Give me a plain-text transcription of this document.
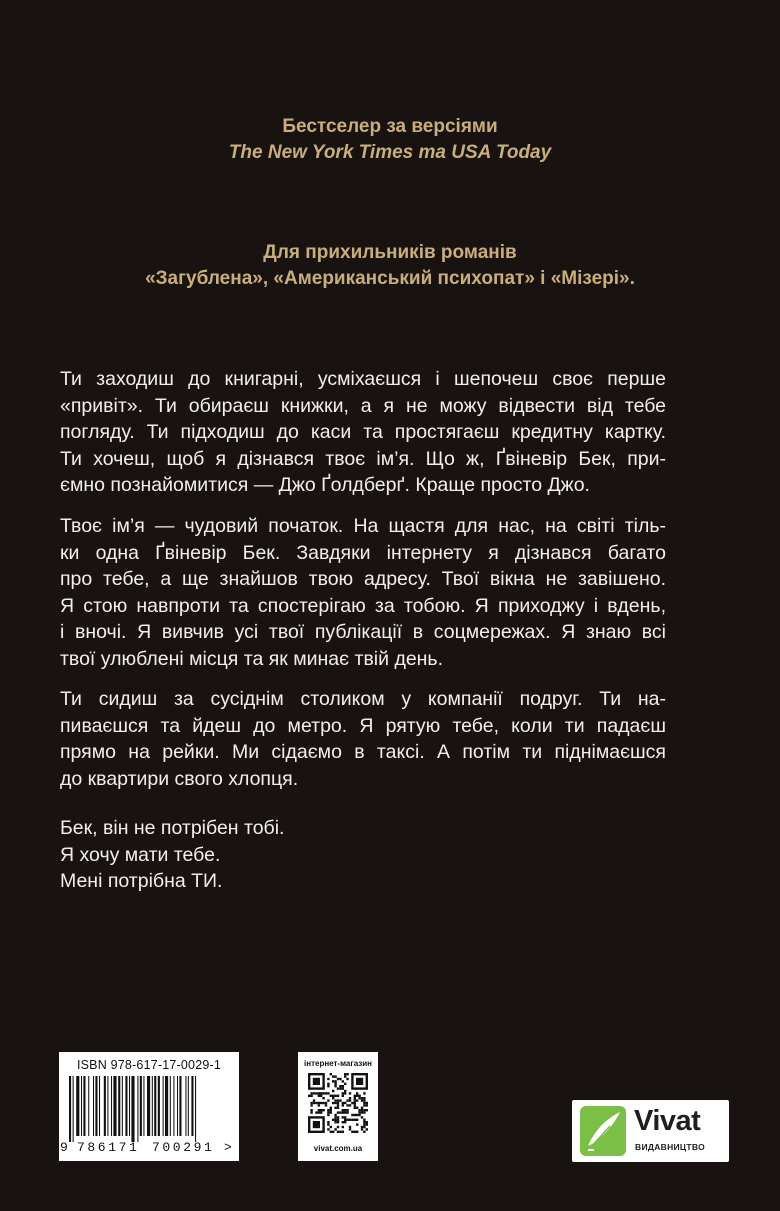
Бестселер за версіями
The New York Times та USA Today
Для прихильників романів
«Загублена», «Американський психопат» і «Мізері».
Ти заходиш до книгарні, усміхаєшся і шепочеш своє перше
«привіт». Ти обираєш книжки, а я не можу відвести від тебе
погляду. Ти підходиш до каси та простягаєш кредитну картку.
Ти хочеш, щоб я дізнався твоє ім’я. Що ж, Ґвіневір Бек, при-
ємно познайомитися — Джо Ґолдберґ. Краще просто Джо.
Твоє ім’я — чудовий початок. На щастя для нас, на світі тіль-
ки одна Ґвіневір Бек. Завдяки інтернету я дізнався багато
про тебе, а ще знайшов твою адресу. Твої вікна не завішено.
Я стою навпроти та спостерігаю за тобою. Я приходжу і вдень,
і вночі. Я вивчив усі твої публікації в соцмережах. Я знаю всі
твої улюблені місця та як минає твій день.
Ти сидиш за сусіднім столиком у компанії подруг. Ти на-
пиваєшся та йдеш до метро. Я рятую тебе, коли ти падаєш
прямо на рейки. Ми сідаємо в таксі. А потім ти піднімаєшся
до квартири свого хлопця.
Бек, він не потрібен тобі.
Я хочу мати тебе.
Мені потрібна ТИ.
ISBN 978-617-17-0029-1
9 786171 700291 >
інтернет-магазин
vivat.com.ua
Vivat
ВИДАВНИЦТВО
